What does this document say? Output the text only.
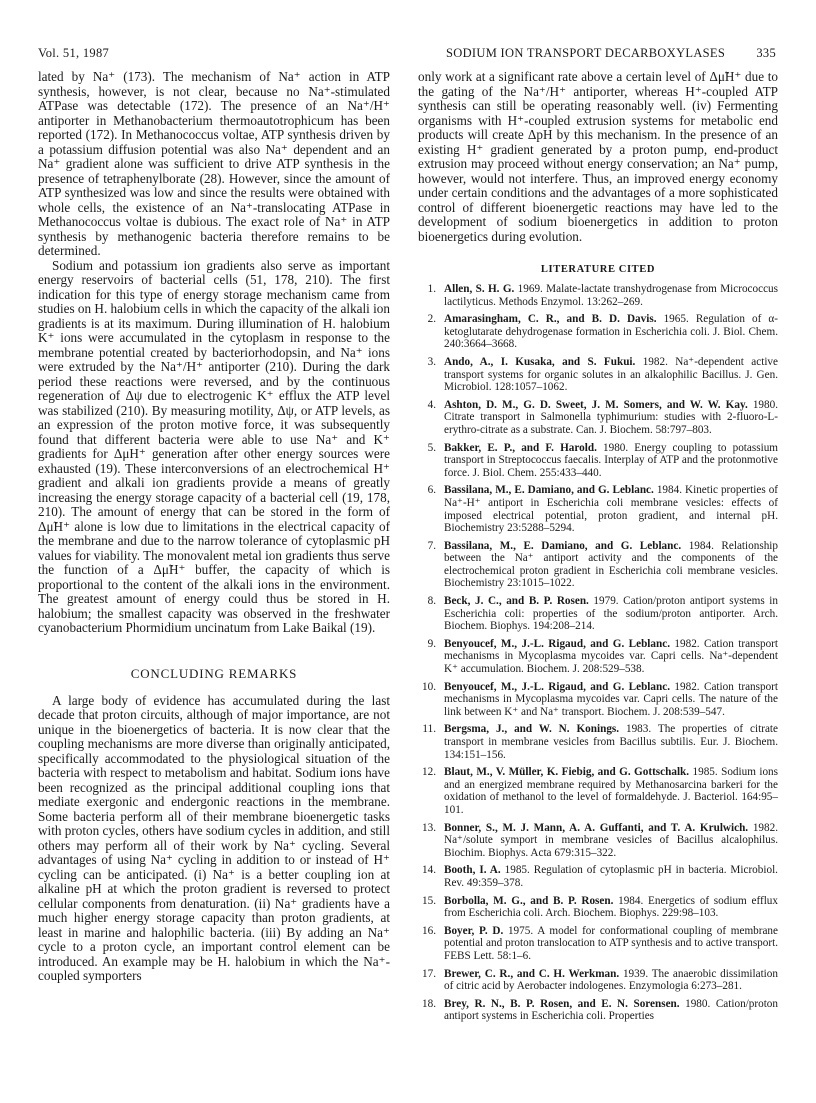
Vol. 51, 1987	SODIUM ION TRANSPORT DECARBOXYLASES 335

lated by Na⁺ (173). The mechanism of Na⁺ action in ATP synthesis, however, is not clear, because no Na⁺-stimulated ATPase was detectable (172). The presence of an Na⁺/H⁺ antiporter in Methanobacterium thermoautotrophicum has been reported (172). In Methanococcus voltae, ATP synthesis driven by a potassium diffusion potential was also Na⁺ dependent and an Na⁺ gradient alone was sufficient to drive ATP synthesis in the presence of tetraphenylborate (28). However, since the amount of ATP synthesized was low and since the results were obtained with whole cells, the existence of an Na⁺-translocating ATPase in Methanococcus voltae is dubious. The exact role of Na⁺ in ATP synthesis by methanogenic bacteria therefore remains to be determined.

Sodium and potassium ion gradients also serve as important energy reservoirs of bacterial cells (51, 178, 210). The first indication for this type of energy storage mechanism came from studies on H. halobium cells in which the capacity of the alkali ion gradients is at its maximum. During illumination of H. halobium K⁺ ions were accumulated in the cytoplasm in response to the membrane potential created by bacteriorhodopsin, and Na⁺ ions were extruded by the Na⁺/H⁺ antiporter (210). During the dark period these reactions were reversed, and by the continuous regeneration of Δψ due to electrogenic K⁺ efflux the ATP level was stabilized (210). By measuring motility, Δψ, or ATP levels, as an expression of the proton motive force, it was subsequently found that different bacteria were able to use Na⁺ and K⁺ gradients for ΔμH⁺ generation after other energy sources were exhausted (19). These interconversions of an electrochemical H⁺ gradient and alkali ion gradients provide a means of greatly increasing the energy storage capacity of a bacterial cell (19, 178, 210). The amount of energy that can be stored in the form of Δμ̃H⁺ alone is low due to limitations in the electrical capacity of the membrane and due to the narrow tolerance of cytoplasmic pH values for viability. The monovalent metal ion gradients thus serve the function of a Δμ̃H⁺ buffer, the capacity of which is proportional to the content of the alkali ions in the environment. The greatest amount of energy could thus be stored in H. halobium; the smallest capacity was observed in the freshwater cyanobacterium Phormidium uncinatum from Lake Baikal (19).

CONCLUDING REMARKS

A large body of evidence has accumulated during the last decade that proton circuits, although of major importance, are not unique in the bioenergetics of bacteria. It is now clear that the coupling mechanisms are more diverse than originally anticipated, specifically accommodated to the physiological situation of the bacteria with respect to metabolism and habitat. Sodium ions have been recognized as the principal additional coupling ions that mediate exergonic and endergonic reactions in the membrane. Some bacteria perform all of their membrane bioenergetic tasks with proton cycles, others have sodium cycles in addition, and still others may perform all of their work by Na⁺ cycling. Several advantages of using Na⁺ cycling in addition to or instead of H⁺ cycling can be anticipated. (i) Na⁺ is a better coupling ion at alkaline pH at which the proton gradient is reversed to protect cellular components from denaturation. (ii) Na⁺ gradients have a much higher energy storage capacity than proton gradients, at least in marine and halophilic bacteria. (iii) By adding an Na⁺ cycle to a proton cycle, an important control element can be introduced. An example may be H. halobium in which the Na⁺-coupled symporters

only work at a significant rate above a certain level of Δμ̃H⁺ due to the gating of the Na⁺/H⁺ antiporter, whereas H⁺-coupled ATP synthesis can still be operating reasonably well. (iv) Fermenting organisms with H⁺-coupled extrusion systems for metabolic end products will create ΔpH by this mechanism. In the presence of an existing H⁺ gradient generated by a proton pump, end-product extrusion may proceed without energy conservation; an Na⁺ pump, however, would not interfere. Thus, an improved energy economy under certain conditions and the advantages of a more sophisticated control of different bioenergetic reactions may have led to the development of sodium bioenergetics in addition to proton bioenergetics during evolution.

LITERATURE CITED
1. Allen, S. H. G. 1969. Malate-lactate transhydrogenase from Micrococcus lactilyticus. Methods Enzymol. 13:262–269.
2. Amarasingham, C. R., and B. D. Davis. 1965. Regulation of α-ketoglutarate dehydrogenase formation in Escherichia coli. J. Biol. Chem. 240:3664–3668.
3. Ando, A., I. Kusaka, and S. Fukui. 1982. Na⁺-dependent active transport systems for organic solutes in an alkalophilic Bacillus. J. Gen. Microbiol. 128:1057–1062.
4. Ashton, D. M., G. D. Sweet, J. M. Somers, and W. W. Kay. 1980. Citrate transport in Salmonella typhimurium: studies with 2-fluoro-L-erythro-citrate as a substrate. Can. J. Biochem. 58:797–803.
5. Bakker, E. P., and F. Harold. 1980. Energy coupling to potassium transport in Streptococcus faecalis. Interplay of ATP and the protonmotive force. J. Biol. Chem. 255:433–440.
6. Bassilana, M., E. Damiano, and G. Leblanc. 1984. Kinetic properties of Na⁺-H⁺ antiport in Escherichia coli membrane vesicles: effects of imposed electrical potential, proton gradient, and internal pH. Biochemistry 23:5288–5294.
7. Bassilana, M., E. Damiano, and G. Leblanc. 1984. Relationship between the Na⁺ antiport activity and the components of the electrochemical proton gradient in Escherichia coli membrane vesicles. Biochemistry 23:1015–1022.
8. Beck, J. C., and B. P. Rosen. 1979. Cation/proton antiport systems in Escherichia coli: properties of the sodium/proton antiporter. Arch. Biochem. Biophys. 194:208–214.
9. Benyoucef, M., J.-L. Rigaud, and G. Leblanc. 1982. Cation transport mechanisms in Mycoplasma mycoides var. Capri cells. Na⁺-dependent K⁺ accumulation. Biochem. J. 208:529–538.
10. Benyoucef, M., J.-L. Rigaud, and G. Leblanc. 1982. Cation transport mechanisms in Mycoplasma mycoides var. Capri cells. The nature of the link between K⁺ and Na⁺ transport. Biochem. J. 208:539–547.
11. Bergsma, J., and W. N. Konings. 1983. The properties of citrate transport in membrane vesicles from Bacillus subtilis. Eur. J. Biochem. 134:151–156.
12. Blaut, M., V. Müller, K. Fiebig, and G. Gottschalk. 1985. Sodium ions and an energized membrane required by Methanosarcina barkeri for the oxidation of methanol to the level of formaldehyde. J. Bacteriol. 164:95–101.
13. Bonner, S., M. J. Mann, A. A. Guffanti, and T. A. Krulwich. 1982. Na⁺/solute symport in membrane vesicles of Bacillus alcalophilus. Biochim. Biophys. Acta 679:315–322.
14. Booth, I. A. 1985. Regulation of cytoplasmic pH in bacteria. Microbiol. Rev. 49:359–378.
15. Borbolla, M. G., and B. P. Rosen. 1984. Energetics of sodium efflux from Escherichia coli. Arch. Biochem. Biophys. 229:98–103.
16. Boyer, P. D. 1975. A model for conformational coupling of membrane potential and proton translocation to ATP synthesis and to active transport. FEBS Lett. 58:1–6.
17. Brewer, C. R., and C. H. Werkman. 1939. The anaerobic dissimilation of citric acid by Aerobacter indologenes. Enzymologia 6:273–281.
18. Brey, R. N., B. P. Rosen, and E. N. Sorensen. 1980. Cation/proton antiport systems in Escherichia coli. Properties
